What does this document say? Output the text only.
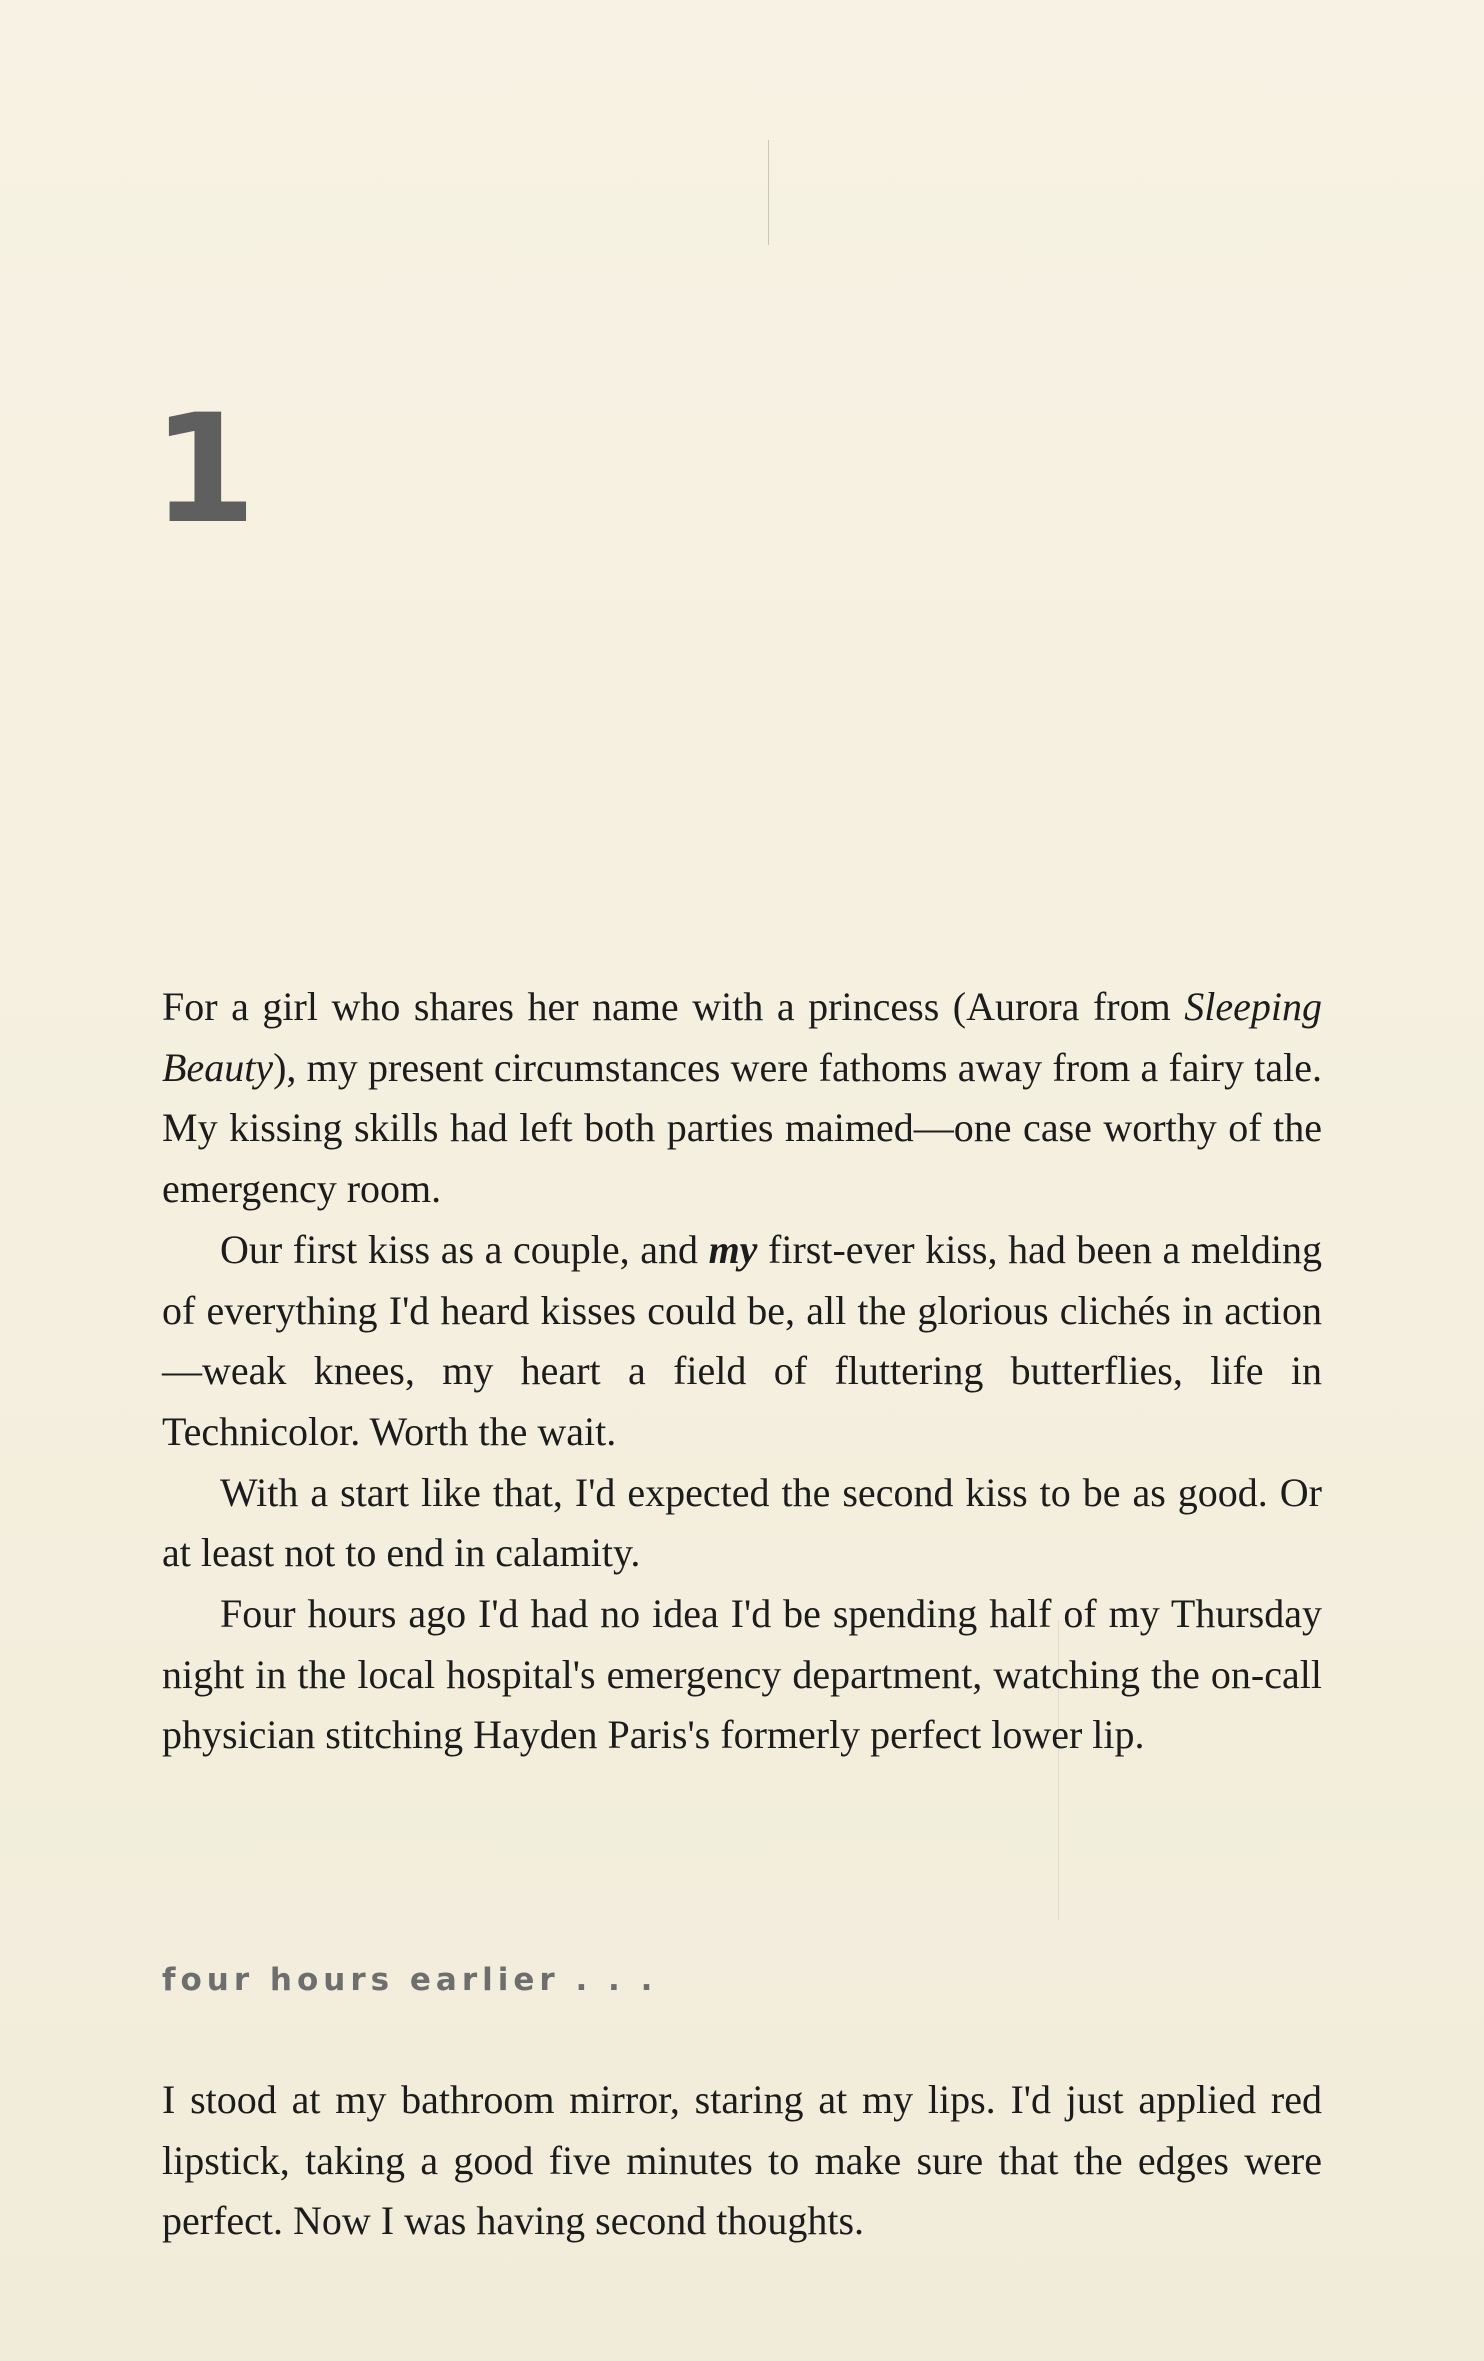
1

For a girl who shares her name with a princess (Aurora from Sleeping Beauty), my present circumstances were fathoms away from a fairy tale. My kissing skills had left both parties maimed—one case worthy of the emergency room.

Our first kiss as a couple, and my first-ever kiss, had been a melding of everything I'd heard kisses could be, all the glorious clichés in action—weak knees, my heart a field of fluttering butterflies, life in Technicolor. Worth the wait.

With a start like that, I'd expected the second kiss to be as good. Or at least not to end in calamity.

Four hours ago I'd had no idea I'd be spending half of my Thursday night in the local hospital's emergency department, watching the on-call physician stitching Hayden Paris's formerly perfect lower lip.

four hours earlier . . .

I stood at my bathroom mirror, staring at my lips. I'd just applied red lipstick, taking a good five minutes to make sure that the edges were perfect. Now I was having second thoughts.
